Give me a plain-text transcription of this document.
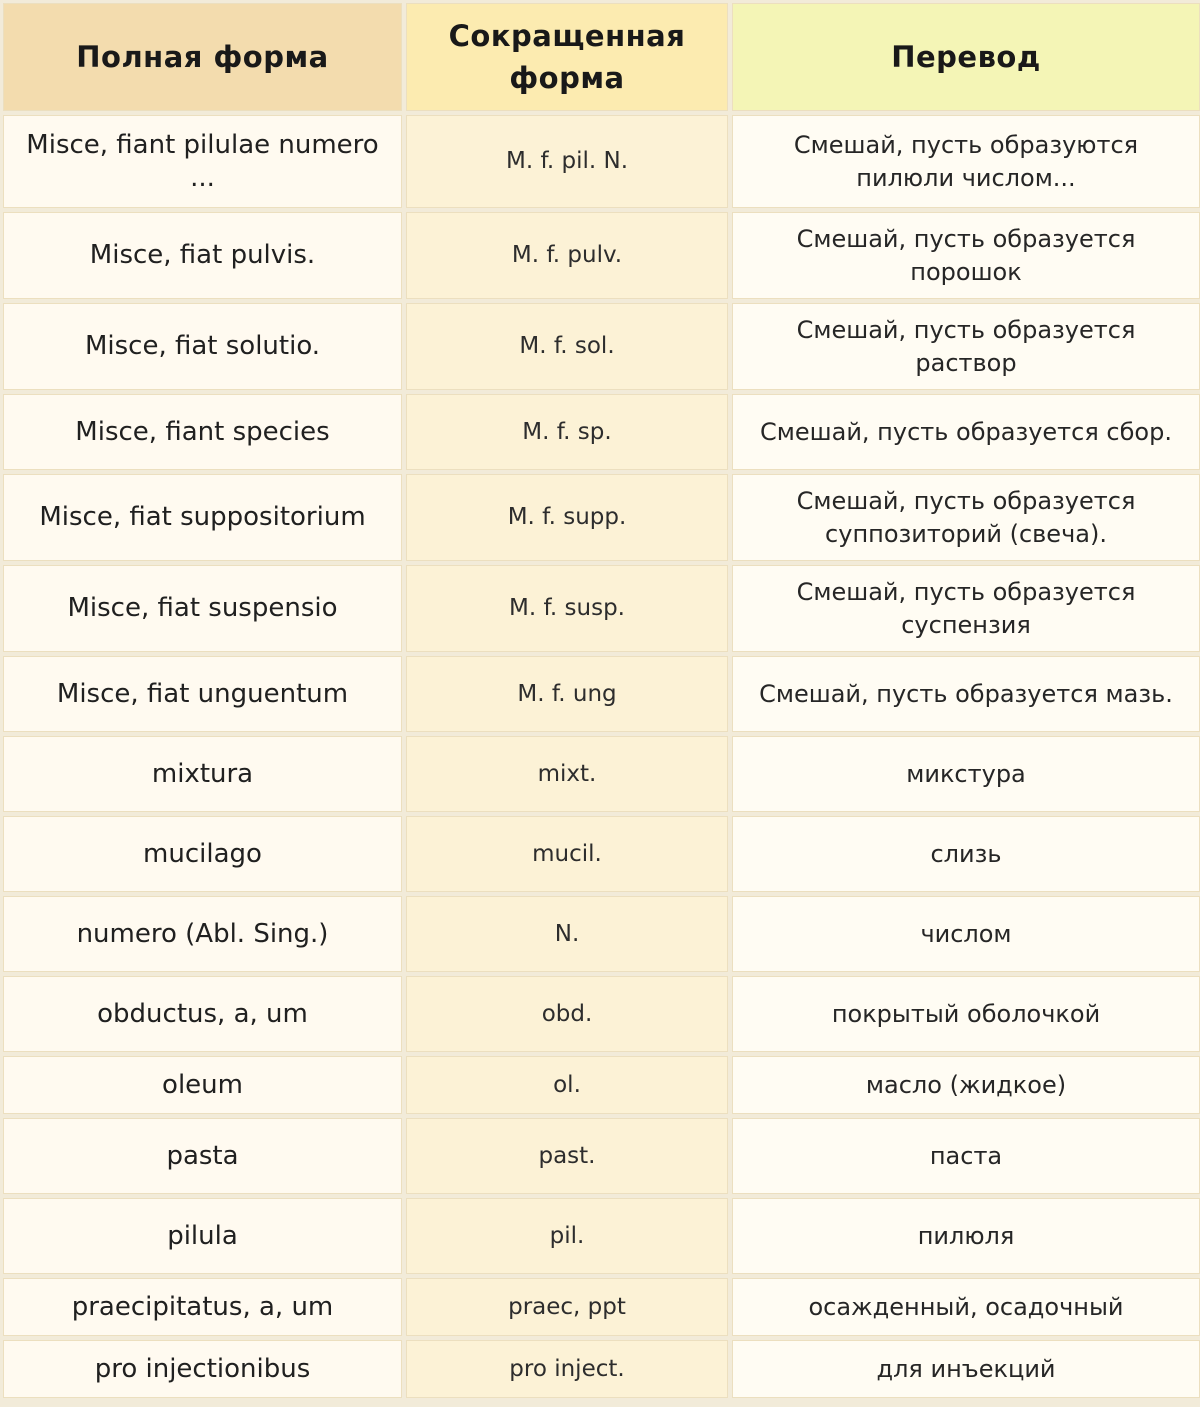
Полная форма	Сокращенная форма	Перевод
Misce, fiant pilulae numero ...	M. f. pil. N.	Смешай, пусть образуются пилюли числом...
Misce, fiat pulvis.	M. f. pulv.	Смешай, пусть образуется порошок
Misce, fiat solutio.	M. f. sol.	Смешай, пусть образуется раствор
Misce, fiant species	M. f. sp.	Смешай, пусть образуется сбор.
Misce, fiat suppositorium	M. f. supp.	Смешай, пусть образуется суппозиторий (свеча).
Misce, fiat suspensio	M. f. susp.	Смешай, пусть образуется суспензия
Misce, fiat unguentum	M. f. ung	Смешай, пусть образуется мазь.
mixtura	mixt.	микстура
mucilago	mucil.	слизь
numero (Abl. Sing.)	N.	числом
obductus, a, um	obd.	покрытый оболочкой
oleum	ol.	масло (жидкое)
pasta	past.	паста
pilula	pil.	пилюля
praecipitatus, a, um	praec, ppt	осажденный, осадочный
pro injectionibus	pro inject.	для инъекций
